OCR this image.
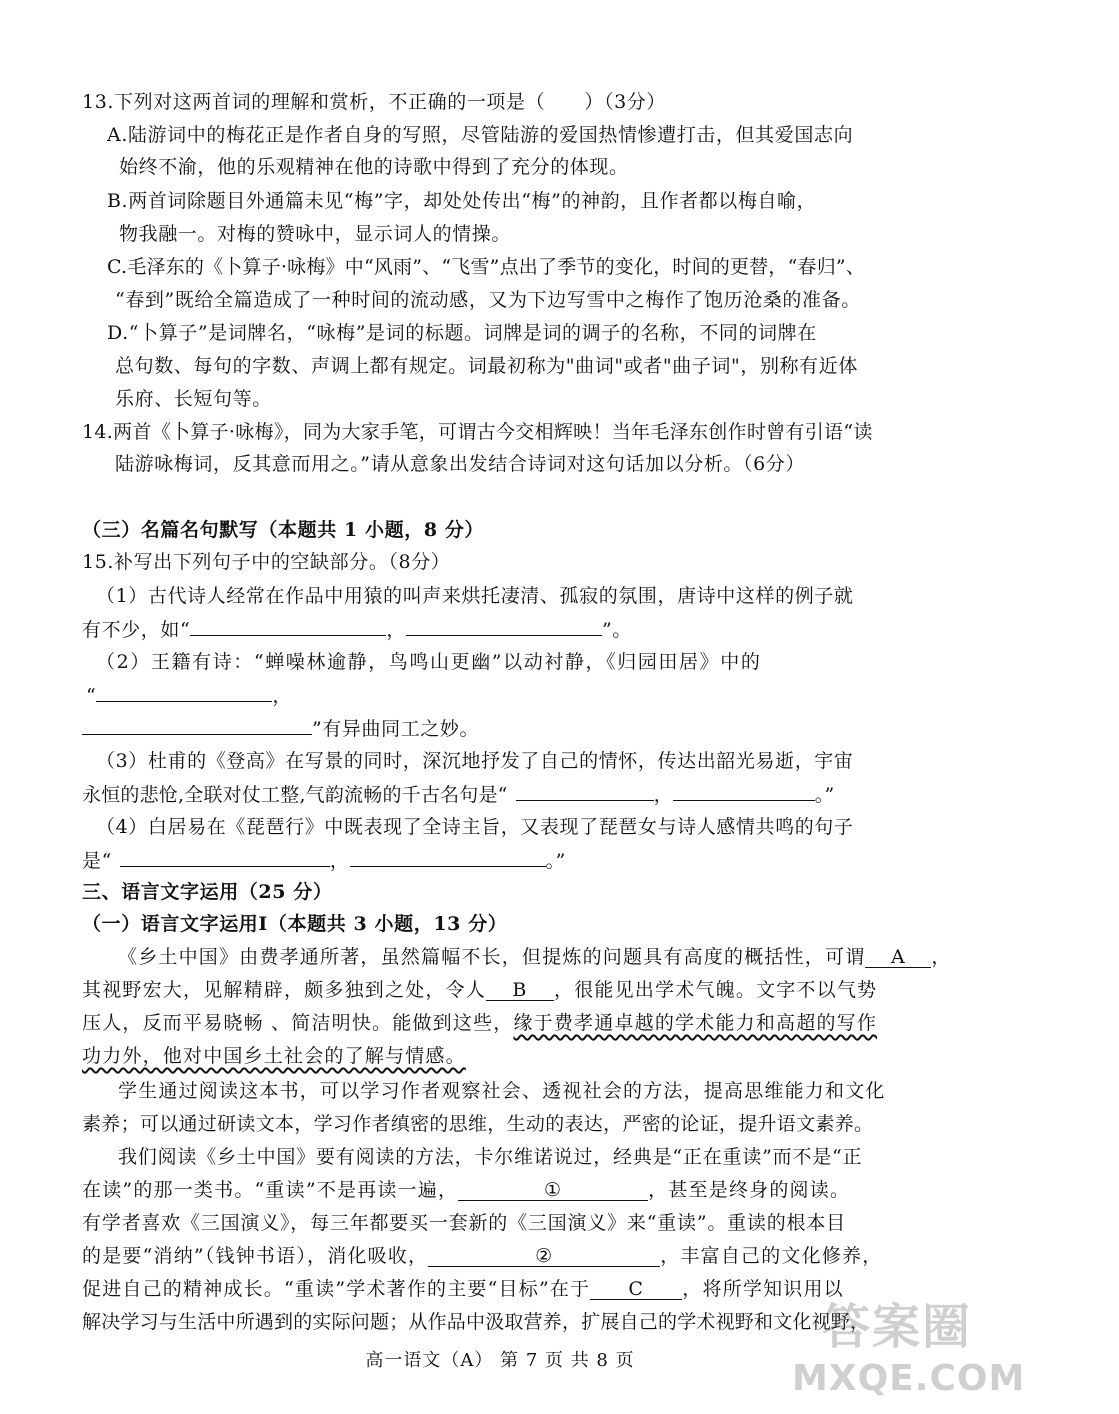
13.下列对这两首词的理解和赏析，不正确的一项是（　　）（3分）
A.陆游词中的梅花正是作者自身的写照，尽管陆游的爱国热情惨遭打击，但其爱国志向
始终不渝，他的乐观精神在他的诗歌中得到了充分的体现。
B.两首词除题目外通篇未见“梅”字，却处处传出“梅”的神韵，且作者都以梅自喻，
物我融一。对梅的赞咏中，显示词人的情操。
C.毛泽东的《卜算子·咏梅》中“风雨”、“飞雪”点出了季节的变化，时间的更替，“春归”、
“春到”既给全篇造成了一种时间的流动感，又为下边写雪中之梅作了饱历沧桑的准备。
D.“卜算子”是词牌名，“咏梅”是词的标题。词牌是词的调子的名称，不同的词牌在
总句数、每句的字数、声调上都有规定。词最初称为"曲词"或者"曲子词"，别称有近体
乐府、长短句等。
14.两首《卜算子·咏梅》，同为大家手笔，可谓古今交相辉映！当年毛泽东创作时曾有引语“读
陆游咏梅词，反其意而用之。”请从意象出发结合诗词对这句话加以分析。（6分）
（三）名篇名句默写（本题共 1 小题，8 分）
15.补写出下列句子中的空缺部分。（8分）
（1）古代诗人经常在作品中用猿的叫声来烘托凄清、孤寂的氛围，唐诗中这样的例子就
有不少，如“	，	”。
（2）王籍有诗：“蝉噪林逾静，鸟鸣山更幽”以动衬静，《归园田居》中的
“	，
”有异曲同工之妙。
（3）杜甫的《登高》在写景的同时，深沉地抒发了自己的情怀，传达出韶光易逝，宇宙
永恒的悲怆,全联对仗工整,气韵流畅的千古名句是“	，	。”
（4）白居易在《琵琶行》中既表现了全诗主旨，又表现了琵琶女与诗人感情共鸣的句子
是“	，	。”
三、语言文字运用（25 分）
（一）语言文字运用Ⅰ（本题共 3 小题，13 分）
《乡土中国》由费孝通所著，虽然篇幅不长，但提炼的问题具有高度的概括性，可谓 A ，
其视野宏大，见解精辟，颇多独到之处，令人 B ，很能见出学术气魄。文字不以气势
压人，反而平易晓畅 、简洁明快。能做到这些，缘于费孝通卓越的学术能力和高超的写作
功力外，他对中国乡土社会的了解与情感。
学生通过阅读这本书，可以学习作者观察社会、透视社会的方法，提高思维能力和文化
素养；可以通过研读文本，学习作者缜密的思维，生动的表达，严密的论证，提升语文素养。
我们阅读《乡土中国》要有阅读的方法，卡尔维诺说过，经典是“正在重读”而不是“正
在读”的那一类书。“重读”不是再读一遍，	①	，甚至是终身的阅读。
有学者喜欢《三国演义》，每三年都要买一套新的《三国演义》来“重读”。重读的根本目
的是要“消纳”（钱钟书语），消化吸收，	②	，丰富自己的文化修养，
促进自己的精神成长。“重读”学术著作的主要“目标”在于 C ，将所学知识用以
解决学习与生活中所遇到的实际问题；从作品中汲取营养，扩展自己的学术视野和文化视野，
高一语文（A） 第 7 页 共 8 页
答案圈
MXQE.COM
